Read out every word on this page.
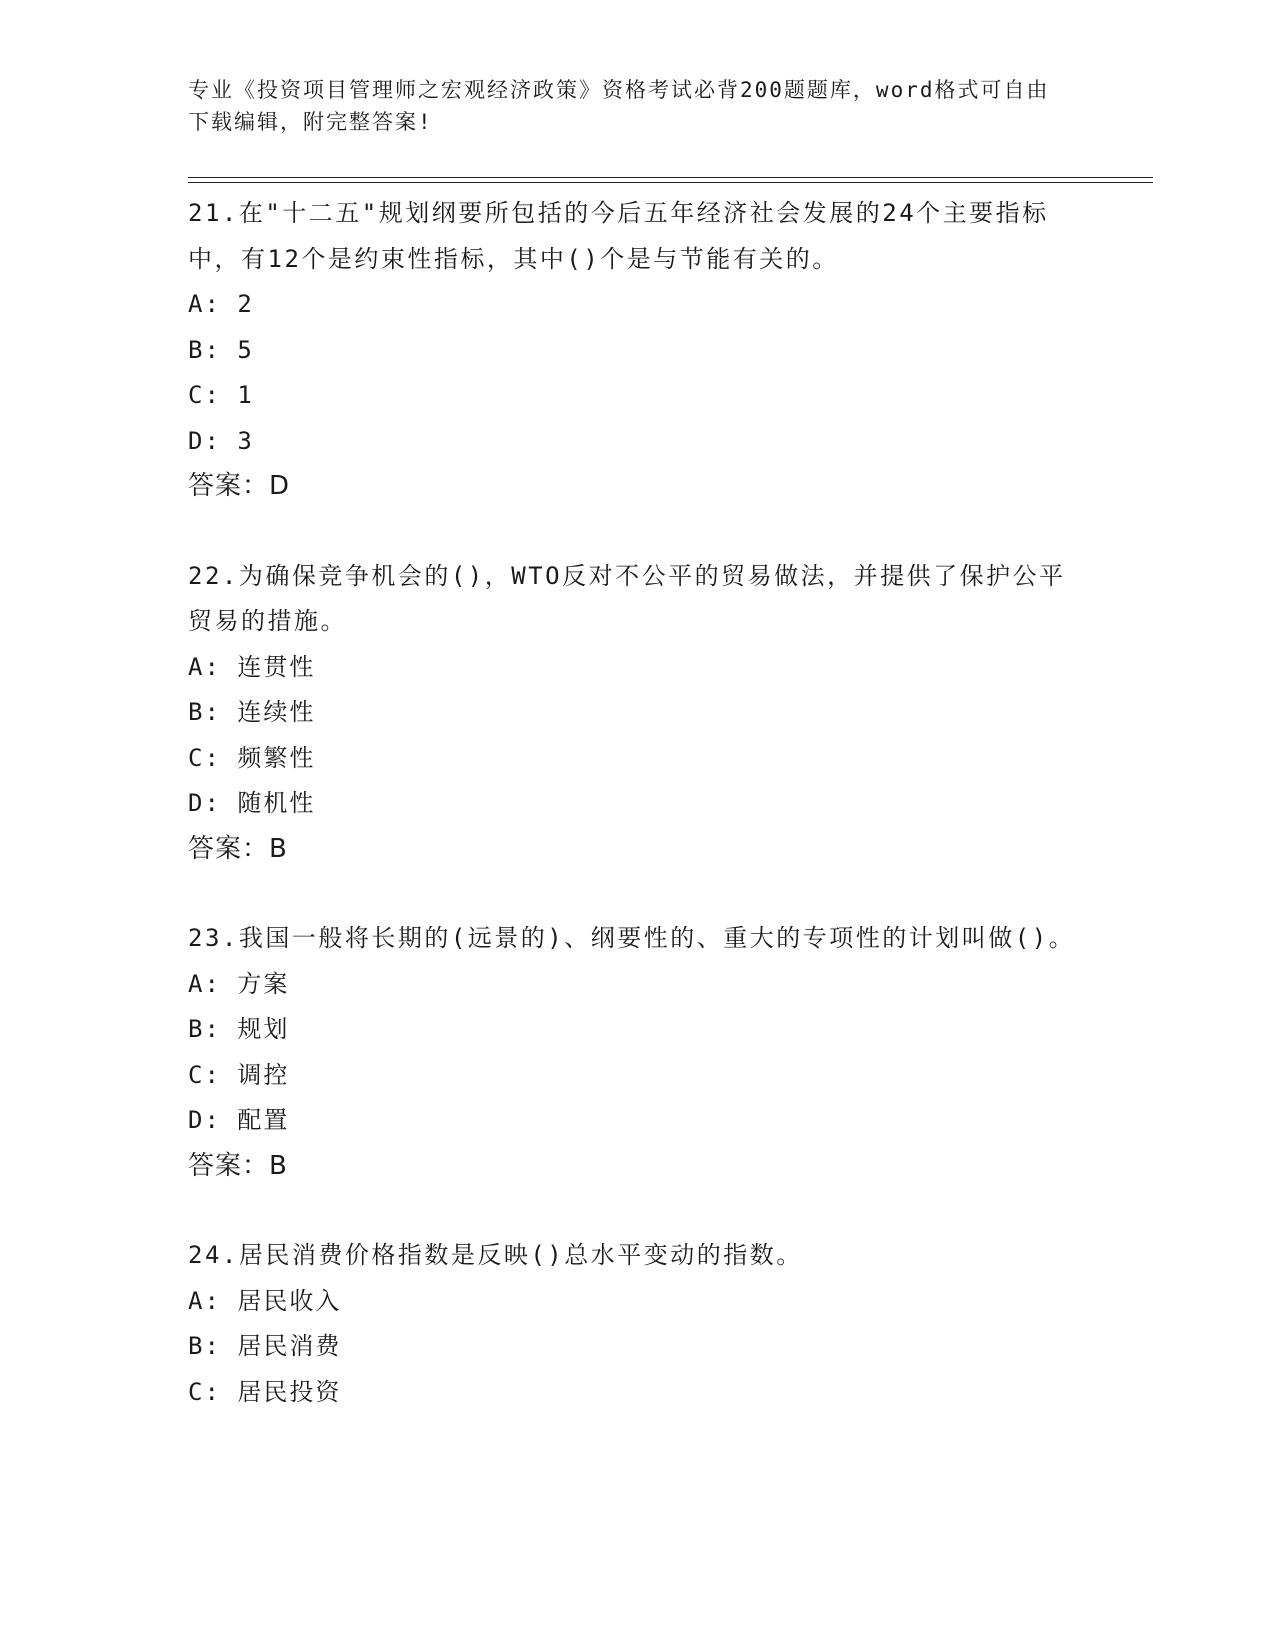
专业《投资项目管理师之宏观经济政策》资格考试必背200题题库，word格式可自由下载编辑，附完整答案!

21.在"十二五"规划纲要所包括的今后五年经济社会发展的24个主要指标中，有12个是约束性指标，其中()个是与节能有关的。

A: 2

B: 5

C: 1

D: 3

答案：D

22.为确保竞争机会的()，WTO反对不公平的贸易做法，并提供了保护公平贸易的措施。

A: 连贯性

B: 连续性

C: 频繁性

D: 随机性

答案：B

23.我国一般将长期的(远景的)、纲要性的、重大的专项性的计划叫做()。

A: 方案

B: 规划

C: 调控

D: 配置

答案：B

24.居民消费价格指数是反映()总水平变动的指数。

A: 居民收入

B: 居民消费

C: 居民投资
